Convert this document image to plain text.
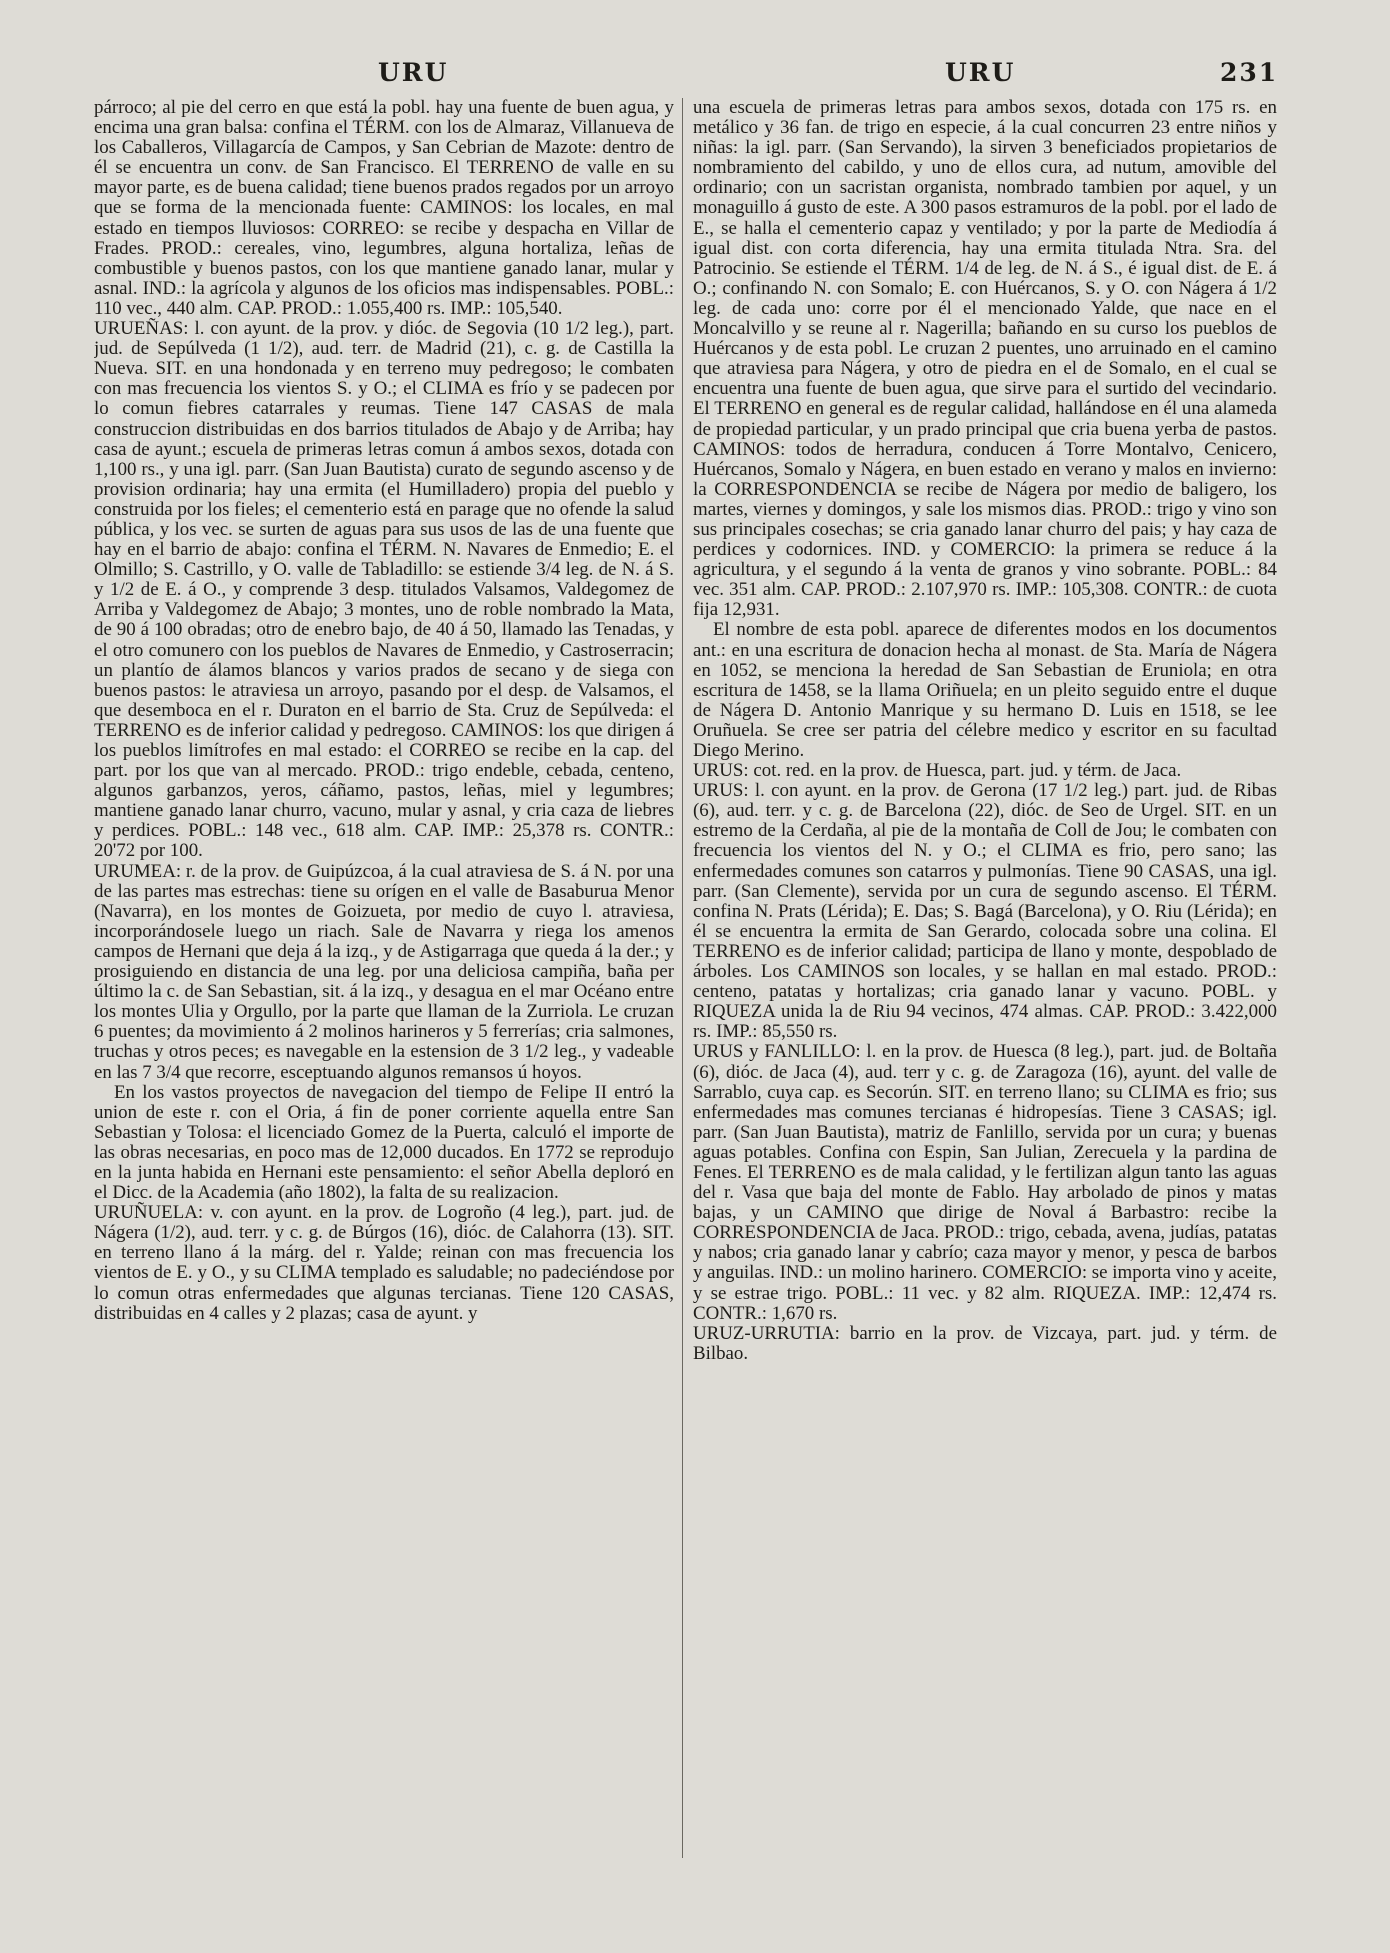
URU	URU	231

párroco; al pie del cerro en que está la pobl. hay una fuente de buen agua, y encima una gran balsa: confina el TÉRM. con los de Almaraz, Villanueva de los Caballeros, Villagarcía de Campos, y San Cebrian de Mazote: dentro de él se encuentra un conv. de San Francisco. El TERRENO de valle en su mayor parte, es de buena calidad; tiene buenos prados regados por un arroyo que se forma de la mencionada fuente: CAMINOS: los locales, en mal estado en tiempos lluviosos: CORREO: se recibe y despacha en Villar de Frades. PROD.: cereales, vino, legumbres, alguna hortaliza, leñas de combustible y buenos pastos, con los que mantiene ganado lanar, mular y asnal. IND.: la agrícola y algunos de los oficios mas indispensables. POBL.: 110 vec., 440 alm. CAP. PROD.: 1.055,400 rs. IMP.: 105,540.

URUEÑAS: l. con ayunt. de la prov. y dióc. de Segovia (10 1/2 leg.), part. jud. de Sepúlveda (1 1/2), aud. terr. de Madrid (21), c. g. de Castilla la Nueva. SIT. en una hondonada y en terreno muy pedregoso; le combaten con mas frecuencia los vientos S. y O.; el CLIMA es frío y se padecen por lo comun fiebres catarrales y reumas. Tiene 147 CASAS de mala construccion distribuidas en dos barrios titulados de Abajo y de Arriba; hay casa de ayunt.; escuela de primeras letras comun á ambos sexos, dotada con 1,100 rs., y una igl. parr. (San Juan Bautista) curato de segundo ascenso y de provision ordinaria; hay una ermita (el Humilladero) propia del pueblo y construida por los fieles; el cementerio está en parage que no ofende la salud pública, y los vec. se surten de aguas para sus usos de las de una fuente que hay en el barrio de abajo: confina el TÉRM. N. Navares de Enmedio; E. el Olmillo; S. Castrillo, y O. valle de Tabladillo: se estiende 3/4 leg. de N. á S. y 1/2 de E. á O., y comprende 3 desp. titulados Valsamos, Valdegomez de Arriba y Valdegomez de Abajo; 3 montes, uno de roble nombrado la Mata, de 90 á 100 obradas; otro de enebro bajo, de 40 á 50, llamado las Tenadas, y el otro comunero con los pueblos de Navares de Enmedio, y Castroserracin; un plantío de álamos blancos y varios prados de secano y de siega con buenos pastos: le atraviesa un arroyo, pasando por el desp. de Valsamos, el que desemboca en el r. Duraton en el barrio de Sta. Cruz de Sepúlveda: el TERRENO es de inferior calidad y pedregoso. CAMINOS: los que dirigen á los pueblos limítrofes en mal estado: el CORREO se recibe en la cap. del part. por los que van al mercado. PROD.: trigo endeble, cebada, centeno, algunos garbanzos, yeros, cáñamo, pastos, leñas, miel y legumbres; mantiene ganado lanar churro, vacuno, mular y asnal, y cria caza de liebres y perdices. POBL.: 148 vec., 618 alm. CAP. IMP.: 25,378 rs. CONTR.: 20'72 por 100.

URUMEA: r. de la prov. de Guipúzcoa, á la cual atraviesa de S. á N. por una de las partes mas estrechas: tiene su orígen en el valle de Basaburua Menor (Navarra), en los montes de Goizueta, por medio de cuyo l. atraviesa, incorporándosele luego un riach. Sale de Navarra y riega los amenos campos de Hernani que deja á la izq., y de Astigarraga que queda á la der.; y prosiguiendo en distancia de una leg. por una deliciosa campiña, baña per último la c. de San Sebastian, sit. á la izq., y desagua en el mar Océano entre los montes Ulia y Orgullo, por la parte que llaman de la Zurriola. Le cruzan 6 puentes; da movimiento á 2 molinos harineros y 5 ferrerías; cria salmones, truchas y otros peces; es navegable en la estension de 3 1/2 leg., y vadeable en las 7 3/4 que recorre, esceptuando algunos remansos ú hoyos.

En los vastos proyectos de navegacion del tiempo de Felipe II entró la union de este r. con el Oria, á fin de poner corriente aquella entre San Sebastian y Tolosa: el licenciado Gomez de la Puerta, calculó el importe de las obras necesarias, en poco mas de 12,000 ducados. En 1772 se reprodujo en la junta habida en Hernani este pensamiento: el señor Abella deploró en el Dicc. de la Academia (año 1802), la falta de su realizacion.

URUÑUELA: v. con ayunt. en la prov. de Logroño (4 leg.), part. jud. de Nágera (1/2), aud. terr. y c. g. de Búrgos (16), dióc. de Calahorra (13). SIT. en terreno llano á la márg. del r. Yalde; reinan con mas frecuencia los vientos de E. y O., y su CLIMA templado es saludable; no padeciéndose por lo comun otras enfermedades que algunas tercianas. Tiene 120 CASAS, distribuidas en 4 calles y 2 plazas; casa de ayunt. y

una escuela de primeras letras para ambos sexos, dotada con 175 rs. en metálico y 36 fan. de trigo en especie, á la cual concurren 23 entre niños y niñas: la igl. parr. (San Servando), la sirven 3 beneficiados propietarios de nombramiento del cabildo, y uno de ellos cura, ad nutum, amovible del ordinario; con un sacristan organista, nombrado tambien por aquel, y un monaguillo á gusto de este. A 300 pasos estramuros de la pobl. por el lado de E., se halla el cementerio capaz y ventilado; y por la parte de Mediodía á igual dist. con corta diferencia, hay una ermita titulada Ntra. Sra. del Patrocinio. Se estiende el TÉRM. 1/4 de leg. de N. á S., é igual dist. de E. á O.; confinando N. con Somalo; E. con Huércanos, S. y O. con Nágera á 1/2 leg. de cada uno: corre por él el mencionado Yalde, que nace en el Moncalvillo y se reune al r. Nagerilla; bañando en su curso los pueblos de Huércanos y de esta pobl. Le cruzan 2 puentes, uno arruinado en el camino que atraviesa para Nágera, y otro de piedra en el de Somalo, en el cual se encuentra una fuente de buen agua, que sirve para el surtido del vecindario. El TERRENO en general es de regular calidad, hallándose en él una alameda de propiedad particular, y un prado principal que cria buena yerba de pastos. CAMINOS: todos de herradura, conducen á Torre Montalvo, Cenicero, Huércanos, Somalo y Nágera, en buen estado en verano y malos en invierno: la CORRESPONDENCIA se recibe de Nágera por medio de baligero, los martes, viernes y domingos, y sale los mismos dias. PROD.: trigo y vino son sus principales cosechas; se cria ganado lanar churro del pais; y hay caza de perdices y codornices. IND. y COMERCIO: la primera se reduce á la agricultura, y el segundo á la venta de granos y vino sobrante. POBL.: 84 vec. 351 alm. CAP. PROD.: 2.107,970 rs. IMP.: 105,308. CONTR.: de cuota fija 12,931.

El nombre de esta pobl. aparece de diferentes modos en los documentos ant.: en una escritura de donacion hecha al monast. de Sta. María de Nágera en 1052, se menciona la heredad de San Sebastian de Eruniola; en otra escritura de 1458, se la llama Oriñuela; en un pleito seguido entre el duque de Nágera D. Antonio Manrique y su hermano D. Luis en 1518, se lee Oruñuela. Se cree ser patria del célebre medico y escritor en su facultad Diego Merino.

URUS: cot. red. en la prov. de Huesca, part. jud. y térm. de Jaca.

URUS: l. con ayunt. en la prov. de Gerona (17 1/2 leg.) part. jud. de Ribas (6), aud. terr. y c. g. de Barcelona (22), dióc. de Seo de Urgel. SIT. en un estremo de la Cerdaña, al pie de la montaña de Coll de Jou; le combaten con frecuencia los vientos del N. y O.; el CLIMA es frio, pero sano; las enfermedades comunes son catarros y pulmonías. Tiene 90 CASAS, una igl. parr. (San Clemente), servida por un cura de segundo ascenso. El TÉRM. confina N. Prats (Lérida); E. Das; S. Bagá (Barcelona), y O. Riu (Lérida); en él se encuentra la ermita de San Gerardo, colocada sobre una colina. El TERRENO es de inferior calidad; participa de llano y monte, despoblado de árboles. Los CAMINOS son locales, y se hallan en mal estado. PROD.: centeno, patatas y hortalizas; cria ganado lanar y vacuno. POBL. y RIQUEZA unida la de Riu 94 vecinos, 474 almas. CAP. PROD.: 3.422,000 rs. IMP.: 85,550 rs.

URUS y FANLILLO: l. en la prov. de Huesca (8 leg.), part. jud. de Boltaña (6), dióc. de Jaca (4), aud. terr y c. g. de Zaragoza (16), ayunt. del valle de Sarrablo, cuya cap. es Secorún. SIT. en terreno llano; su CLIMA es frio; sus enfermedades mas comunes tercianas é hidropesías. Tiene 3 CASAS; igl. parr. (San Juan Bautista), matriz de Fanlillo, servida por un cura; y buenas aguas potables. Confina con Espin, San Julian, Zerecuela y la pardina de Fenes. El TERRENO es de mala calidad, y le fertilizan algun tanto las aguas del r. Vasa que baja del monte de Fablo. Hay arbolado de pinos y matas bajas, y un CAMINO que dirige de Noval á Barbastro: recibe la CORRESPONDENCIA de Jaca. PROD.: trigo, cebada, avena, judías, patatas y nabos; cria ganado lanar y cabrío; caza mayor y menor, y pesca de barbos y anguilas. IND.: un molino harinero. COMERCIO: se importa vino y aceite, y se estrae trigo. POBL.: 11 vec. y 82 alm. RIQUEZA. IMP.: 12,474 rs. CONTR.: 1,670 rs.

URUZ-URRUTIA: barrio en la prov. de Vizcaya, part. jud. y térm. de Bilbao.
